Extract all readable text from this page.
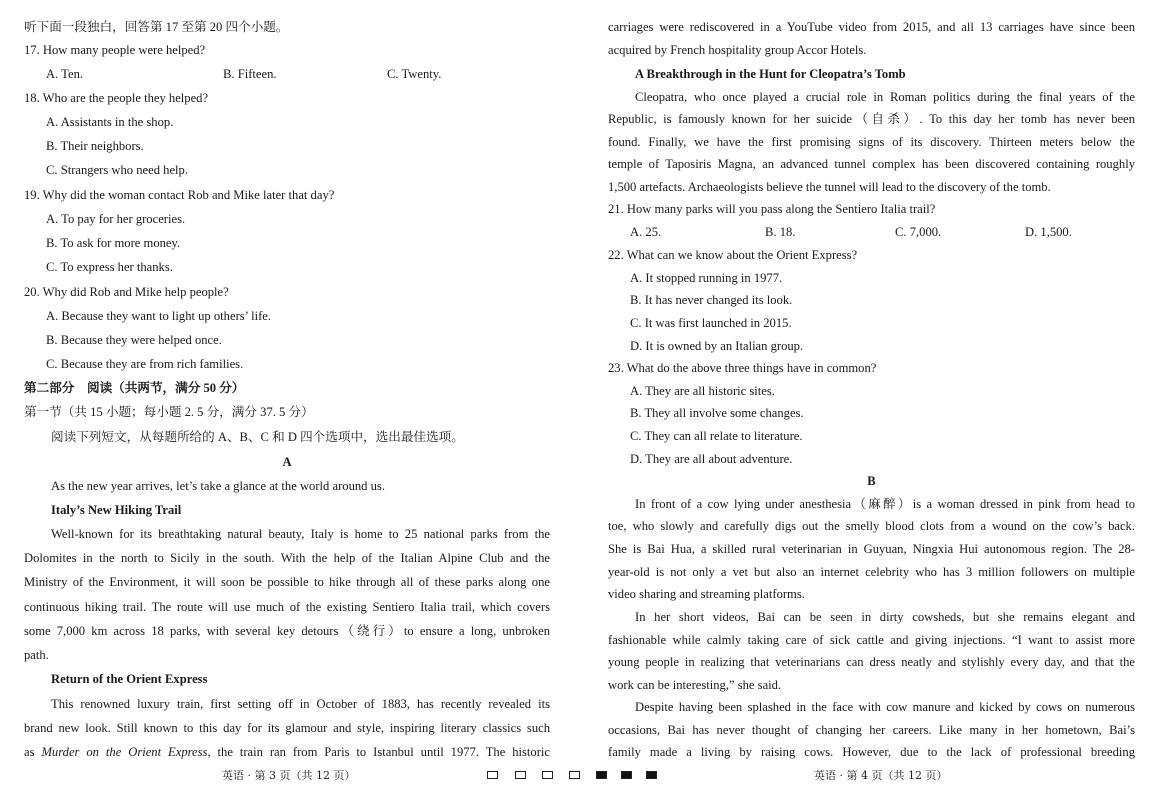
听下面一段独白，回答第 17 至第 20 四个小题。
17. How many people were helped?
A. Ten.	B. Fifteen.	C. Twenty.
18. Who are the people they helped?
A. Assistants in the shop.
B. Their neighbors.
C. Strangers who need help.
19. Why did the woman contact Rob and Mike later that day?
A. To pay for her groceries.
B. To ask for more money.
C. To express her thanks.
20. Why did Rob and Mike help people?
A. Because they want to light up others’ life.
B. Because they were helped once.
C. Because they are from rich families.
第二部分　阅读（共两节，满分 50 分）
第一节（共 15 小题；每小题 2. 5 分，满分 37. 5 分）
阅读下列短文，从每题所给的 A、B、C 和 D 四个选项中，选出最佳选项。
A
As the new year arrives, let’s take a glance at the world around us.
Italy’s New Hiking Trail
Well-known for its breathtaking natural beauty, Italy is home to 25 national parks from the
Dolomites in the north to Sicily in the south. With the help of the Italian Alpine Club and the
Ministry of the Environment, it will soon be possible to hike through all of these parks along one
continuous hiking trail. The route will use much of the existing Sentiero Italia trail, which covers
some 7,000 km across 18 parks, with several key detours（绕行）to ensure a long, unbroken
path.
Return of the Orient Express
This renowned luxury train, first setting off in October of 1883, has recently revealed its
brand new look. Still known to this day for its glamour and style, inspiring literary classics such
as Murder on the Orient Express, the train ran from Paris to Istanbul until 1977. The historic
carriages were rediscovered in a YouTube video from 2015, and all 13 carriages have since been
acquired by French hospitality group Accor Hotels.
A Breakthrough in the Hunt for Cleopatra’s Tomb
Cleopatra, who once played a crucial role in Roman politics during the final years of the
Republic, is famously known for her suicide（自杀）. To this day her tomb has never been
found. Finally, we have the first promising signs of its discovery. Thirteen meters below the
temple of Taposiris Magna, an advanced tunnel complex has been discovered containing roughly
1,500 artefacts. Archaeologists believe the tunnel will lead to the discovery of the tomb.
21. How many parks will you pass along the Sentiero Italia trail?
A. 25.	B. 18.	C. 7,000.	D. 1,500.
22. What can we know about the Orient Express?
A. It stopped running in 1977.
B. It has never changed its look.
C. It was first launched in 2015.
D. It is owned by an Italian group.
23. What do the above three things have in common?
A. They are all historic sites.
B. They all involve some changes.
C. They can all relate to literature.
D. They are all about adventure.
B
In front of a cow lying under anesthesia（麻醉）is a woman dressed in pink from head to
toe, who slowly and carefully digs out the smelly blood clots from a wound on the cow’s back.
She is Bai Hua, a skilled rural veterinarian in Guyuan, Ningxia Hui autonomous region. The 28-
year-old is not only a vet but also an internet celebrity who has 3 million followers on multiple
video sharing and streaming platforms.
In her short videos, Bai can be seen in dirty cowsheds, but she remains elegant and
fashionable while calmly taking care of sick cattle and giving injections. “I want to assist more
young people in realizing that veterinarians can dress neatly and stylishly every day, and that the
work can be interesting,” she said.
Despite having been splashed in the face with cow manure and kicked by cows on numerous
occasions, Bai has never thought of changing her careers. Like many in her hometown, Bai’s
family made a living by raising cows. However, due to the lack of professional breeding
英语 · 第 3 页（共 12 页）	英语 · 第 4 页（共 12 页）
